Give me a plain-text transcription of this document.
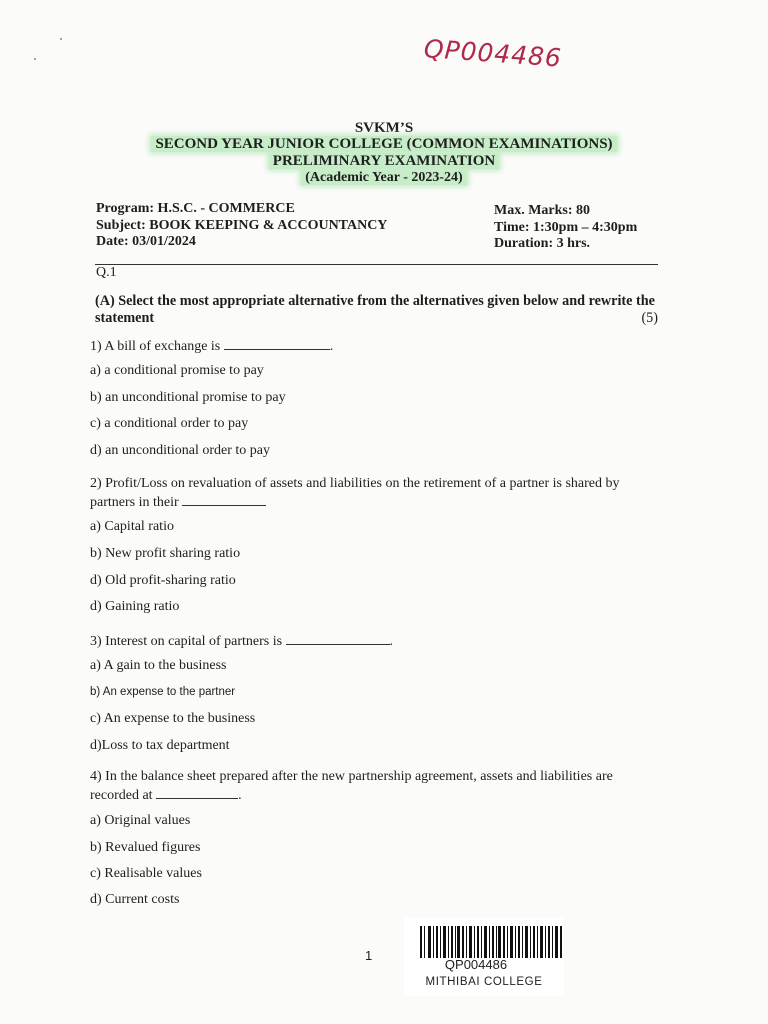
QP004486
SVKM’S
SECOND YEAR JUNIOR COLLEGE (COMMON EXAMINATIONS)
PRELIMINARY EXAMINATION
(Academic Year - 2023-24)
Program: H.S.C. - COMMERCE
Subject: BOOK KEEPING & ACCOUNTANCY
Date: 03/01/2024
Max. Marks: 80
Time: 1:30pm – 4:30pm
Duration: 3 hrs.
Q.1
(A) Select the most appropriate alternative from the alternatives given below and rewrite the statement	(5)
1) A bill of exchange is	.
a) a conditional promise to pay
b) an unconditional promise to pay
c) a conditional order to pay
d) an unconditional order to pay
2) Profit/Loss on revaluation of assets and liabilities on the retirement of a partner is shared by partners in their
a) Capital ratio
b) New profit sharing ratio
d) Old profit-sharing ratio
d) Gaining ratio
3) Interest on capital of partners is	.
a) A gain to the business
b) An expense to the partner
c) An expense to the business
d)Loss to tax department
4) In the balance sheet prepared after the new partnership agreement, assets and liabilities are recorded at	.
a) Original values
b) Revalued figures
c) Realisable values
d) Current costs
1
QP004486
MITHIBAI COLLEGE
